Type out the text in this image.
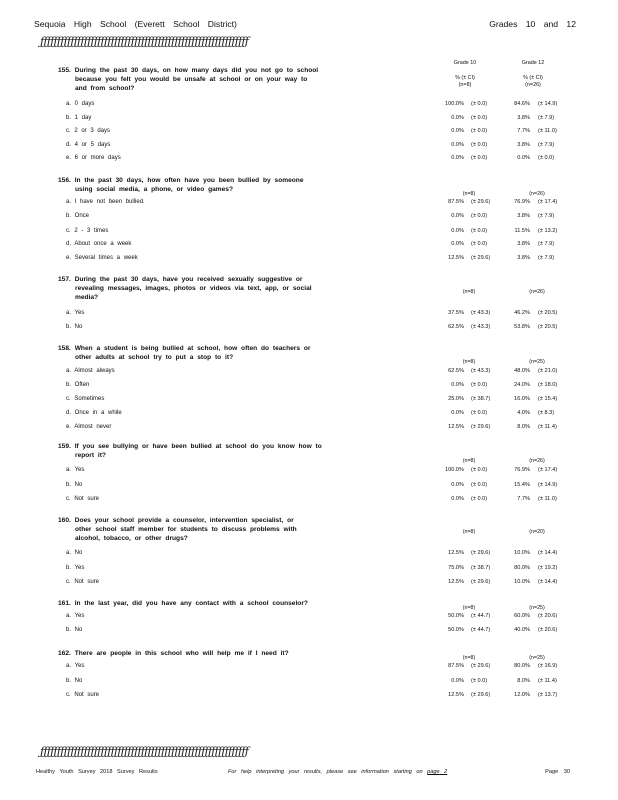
Sequoia High School (Everett School District)	Grades 10 and 12
ƒƒƒƒƒƒƒƒƒƒƒƒƒƒƒƒƒƒƒƒƒƒƒƒƒƒƒƒƒƒƒƒƒƒƒƒƒƒƒƒƒƒƒƒƒƒƒƒƒƒƒƒƒƒƒƒƒƒƒƒƒƒ
Grade 10
% (± CI)
(n=8)
Grade 12
% (± CI)
(n=26)
155. During the past 30 days, on how many days did you not go to school
because you felt you would be unsafe at school or on your way to
and from school?
a. 0 days	100.0% (± 0.0)	84.6% (± 14.9)
b. 1 day	0.0% (± 0.0)	3.8% (± 7.9)
c. 2 or 3 days	0.0% (± 0.0)	7.7% (± 11.0)
d. 4 or 5 days	0.0% (± 0.0)	3.8% (± 7.9)
e. 6 or more days	0.0% (± 0.0)	0.0% (± 0.0)
156. In the past 30 days, how often have you been bullied by someone
using social media, a phone, or video games?
(n=8)	(n=26)
a. I have not been bullied.	87.5% (± 29.6)	76.9% (± 17.4)
b. Once	0.0% (± 0.0)	3.8% (± 7.9)
c. 2 - 3 times	0.0% (± 0.0)	11.5% (± 13.2)
d. About once a week	0.0% (± 0.0)	3.8% (± 7.9)
e. Several times a week	12.5% (± 29.6)	3.8% (± 7.9)
157. During the past 30 days, have you received sexually suggestive or
revealing messages, images, photos or videos via text, app, or social
media?
(n=8)	(n=26)
a. Yes	37.5% (± 43.3)	46.2% (± 20.5)
b. No	62.5% (± 43.3)	53.8% (± 20.5)
158. When a student is being bullied at school, how often do teachers or
other adults at school try to put a stop to it?
(n=8)	(n=25)
a. Almost always	62.5% (± 43.3)	48.0% (± 21.0)
b. Often	0.0% (± 0.0)	24.0% (± 18.0)
c. Sometimes	25.0% (± 38.7)	16.0% (± 15.4)
d. Once in a while	0.0% (± 0.0)	4.0% (± 8.3)
e. Almost never	12.5% (± 29.6)	8.0% (± 11.4)
159. If you see bullying or have been bullied at school do you know how to
report it?
(n=8)	(n=26)
a. Yes	100.0% (± 0.0)	76.9% (± 17.4)
b. No	0.0% (± 0.0)	15.4% (± 14.9)
c. Not sure	0.0% (± 0.0)	7.7% (± 11.0)
160. Does your school provide a counselor, intervention specialist, or
other school staff member for students to discuss problems with
alcohol, tobacco, or other drugs?
(n=8)	(n=20)
a. No	12.5% (± 29.6)	10.0% (± 14.4)
b. Yes	75.0% (± 38.7)	80.0% (± 19.2)
c. Not sure	12.5% (± 29.6)	10.0% (± 14.4)
161. In the last year, did you have any contact with a school counselor?
(n=8)	(n=25)
a. Yes	50.0% (± 44.7)	60.0% (± 20.6)
b. No	50.0% (± 44.7)	40.0% (± 20.6)
162. There are people in this school who will help me if I need it?
(n=8)	(n=25)
a. Yes	87.5% (± 29.6)	80.0% (± 16.9)
b. No	0.0% (± 0.0)	8.0% (± 11.4)
c. Not sure	12.5% (± 29.6)	12.0% (± 13.7)
ƒƒƒƒƒƒƒƒƒƒƒƒƒƒƒƒƒƒƒƒƒƒƒƒƒƒƒƒƒƒƒƒƒƒƒƒƒƒƒƒƒƒƒƒƒƒƒƒƒƒƒƒƒƒƒƒƒƒƒƒƒƒ
Healthy Youth Survey 2018 Survey Results	For help interpreting your results, please see information starting on page 2	Page 30
